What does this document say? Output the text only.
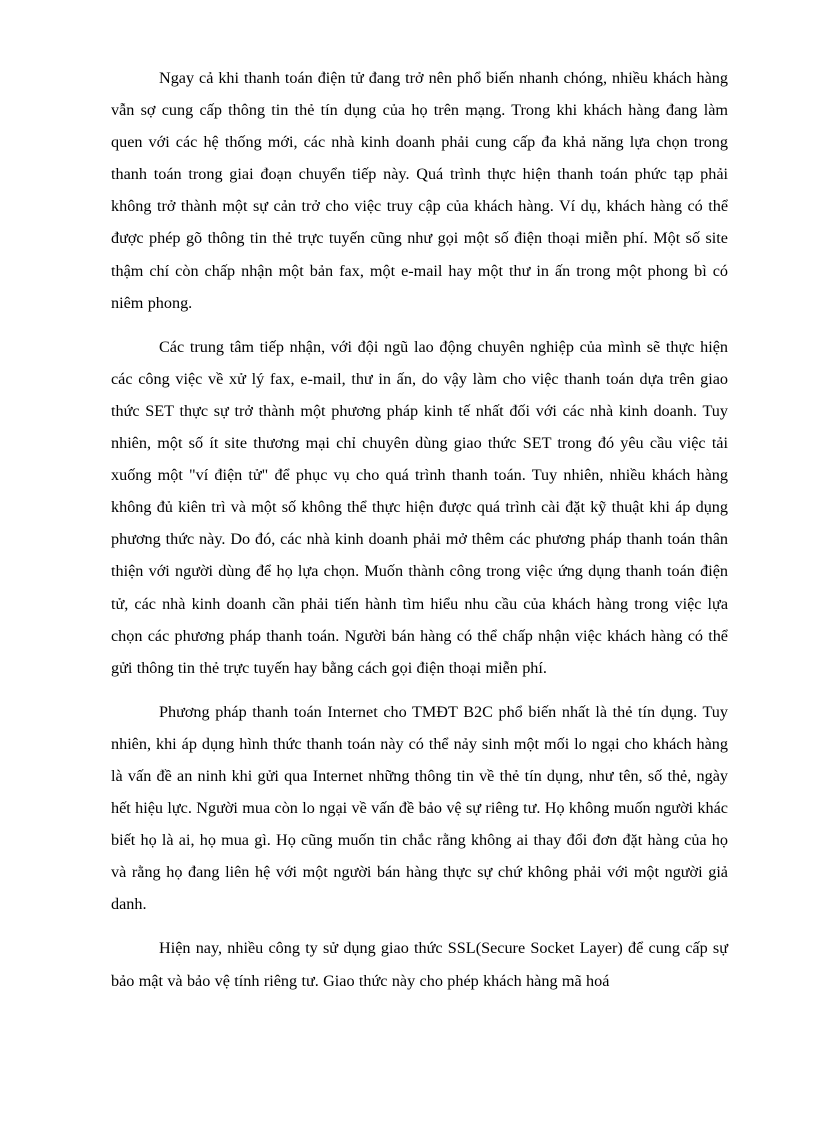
Ngay cả khi thanh toán điện tử đang trở nên phổ biến nhanh chóng, nhiều khách hàng vẫn sợ cung cấp thông tin thẻ tín dụng của họ trên mạng. Trong khi khách hàng đang làm quen với các hệ thống mới, các nhà kinh doanh phải cung cấp đa khả năng lựa chọn trong thanh toán trong giai đoạn chuyển tiếp này. Quá trình thực hiện thanh toán phức tạp phải không trở thành một sự cản trở cho việc truy cập của khách hàng. Ví dụ, khách hàng có thể được phép gõ thông tin thẻ trực tuyến cũng như gọi một số điện thoại miễn phí. Một số site thậm chí còn chấp nhận một bản fax, một e-mail hay một thư in ấn trong một phong bì có niêm phong.

Các trung tâm tiếp nhận, với đội ngũ lao động chuyên nghiệp của mình sẽ thực hiện các công việc về xử lý fax, e-mail, thư in ấn, do vậy làm cho việc thanh toán dựa trên giao thức SET thực sự trở thành một phương pháp kinh tế nhất đối với các nhà kinh doanh. Tuy nhiên, một số ít site thương mại chỉ chuyên dùng giao thức SET trong đó yêu cầu việc tải xuống một "ví điện tử" để phục vụ cho quá trình thanh toán. Tuy nhiên, nhiều khách hàng không đủ kiên trì và một số không thể thực hiện được quá trình cài đặt kỹ thuật khi áp dụng phương thức này. Do đó, các nhà kinh doanh phải mở thêm các phương pháp thanh toán thân thiện với người dùng để họ lựa chọn. Muốn thành công trong việc ứng dụng thanh toán điện tử, các nhà kinh doanh cần phải tiến hành tìm hiểu nhu cầu của khách hàng trong việc lựa chọn các phương pháp thanh toán. Người bán hàng có thể chấp nhận việc khách hàng có thể gửi thông tin thẻ trực tuyến hay bằng cách gọi điện thoại miễn phí.

Phương pháp thanh toán Internet cho TMĐT B2C phổ biến nhất là thẻ tín dụng. Tuy nhiên, khi áp dụng hình thức thanh toán này có thể nảy sinh một mối lo ngại cho khách hàng là vấn đề an ninh khi gửi qua Internet những thông tin về thẻ tín dụng, như tên, số thẻ, ngày hết hiệu lực. Người mua còn lo ngại về vấn đề bảo vệ sự riêng tư. Họ không muốn người khác biết họ là ai, họ mua gì. Họ cũng muốn tin chắc rằng không ai thay đổi đơn đặt hàng của họ và rằng họ đang liên hệ với một người bán hàng thực sự chứ không phải với một người giả danh.

Hiện nay, nhiều công ty sử dụng giao thức SSL(Secure Socket Layer) để cung cấp sự bảo mật và bảo vệ tính riêng tư. Giao thức này cho phép khách hàng mã hoá
